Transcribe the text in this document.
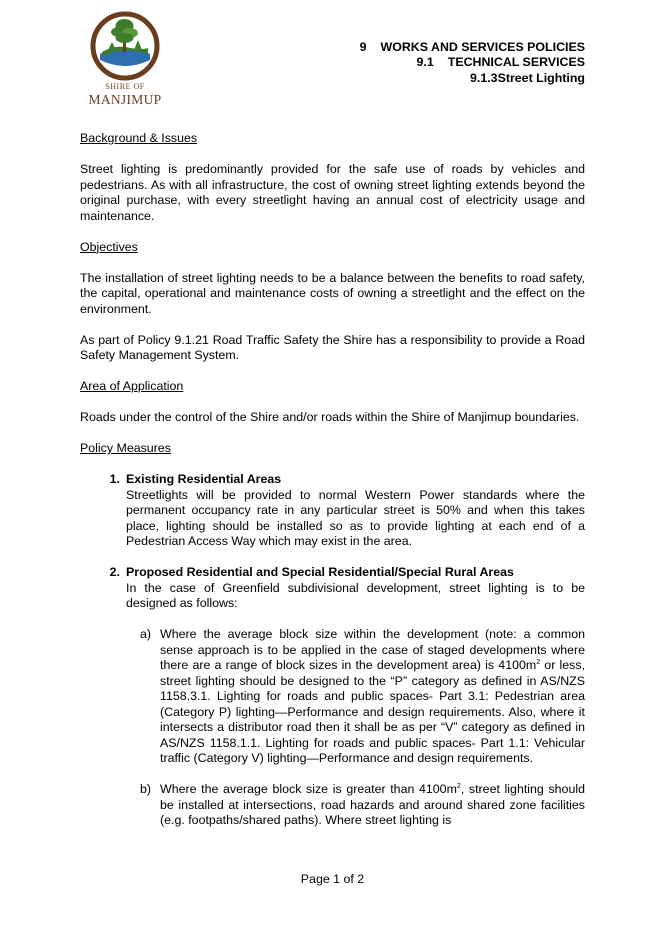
SHIRE OF
MANJIMUP
9 WORKS AND SERVICES POLICIES
9.1 TECHNICAL SERVICES
9.1.3Street Lighting
Background & Issues

Street lighting is predominantly provided for the safe use of roads by vehicles and pedestrians. As with all infrastructure, the cost of owning street lighting extends beyond the original purchase, with every streetlight having an annual cost of electricity usage and maintenance.

Objectives

The installation of street lighting needs to be a balance between the benefits to road safety, the capital, operational and maintenance costs of owning a streetlight and the effect on the environment.

As part of Policy 9.1.21 Road Traffic Safety the Shire has a responsibility to provide a Road Safety Management System.

Area of Application

Roads under the control of the Shire and/or roads within the Shire of Manjimup boundaries.

Policy Measures
1. Existing Residential Areas
Streetlights will be provided to normal Western Power standards where the permanent occupancy rate in any particular street is 50% and when this takes place, lighting should be installed so as to provide lighting at each end of a Pedestrian Access Way which may exist in the area.
2. Proposed Residential and Special Residential/Special Rural Areas
In the case of Greenfield subdivisional development, street lighting is to be designed as follows:
a) Where the average block size within the development (note: a common sense approach is to be applied in the case of staged developments where there are a range of block sizes in the development area) is $4100m^2$ or less, street lighting should be designed to the “P” category as defined in AS/NZS 1158.3.1. Lighting for roads and public spaces- Part 3.1: Pedestrian area (Category P) lighting—Performance and design requirements. Also, where it intersects a distributor road then it shall be as per “V” category as defined in AS/NZS 1158.1.1. Lighting for roads and public spaces- Part 1.1: Vehicular traffic (Category V) lighting—Performance and design requirements.
b) Where the average block size is greater than $4100m^2$, street lighting should be installed at intersections, road hazards and around shared zone facilities (e.g. footpaths/shared paths). Where street lighting is
Page 1 of 2
